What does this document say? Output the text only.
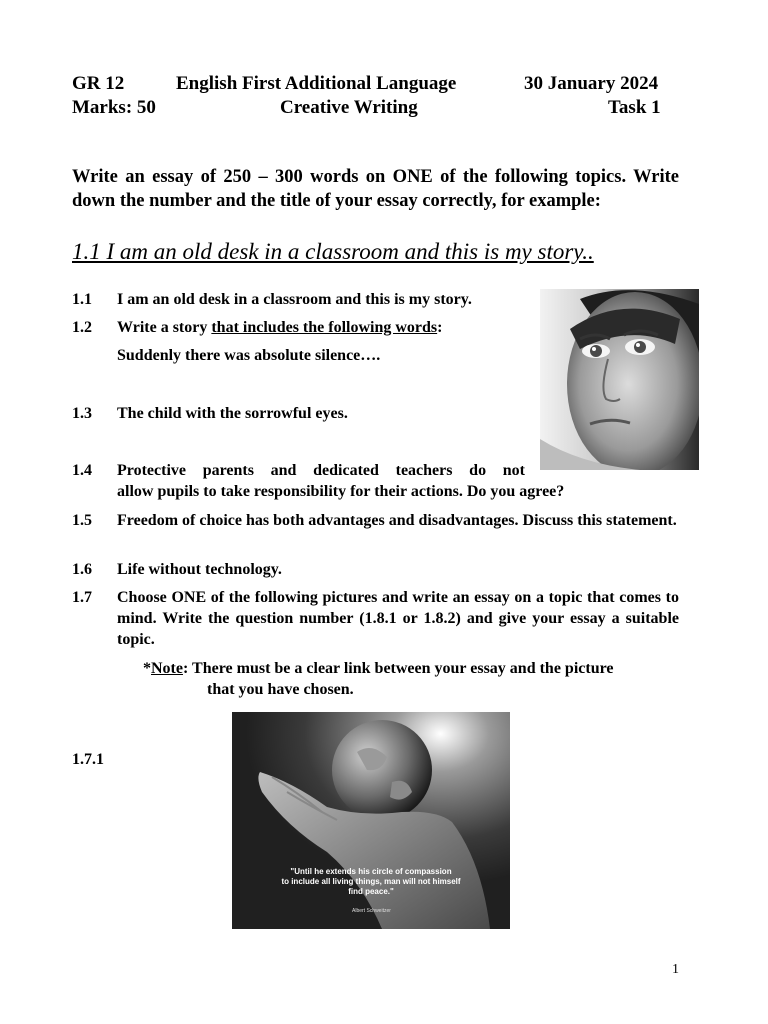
GR 12	English First Additional Language	30 January 2024
Marks: 50	Creative Writing	Task 1
Write an essay of 250 – 300 words on ONE of the following topics. Write down the number and the title of your essay correctly, for example:
1.1 I am an old desk in a classroom and this is my story..
1.1	I am an old desk in a classroom and this is my story.
1.2	Write a story that includes the following words:
Suddenly there was absolute silence….
1.3	The child with the sorrowful eyes.
1.4	Protective parents and dedicated teachers do not
allow pupils to take responsibility for their actions. Do you agree?
1.5	Freedom of choice has both advantages and disadvantages. Discuss this statement.
1.6	Life without technology.
1.7	Choose ONE of the following pictures and write an essay on a topic that comes to mind. Write the question number (1.8.1 or 1.8.2) and give your essay a suitable topic.
*Note: There must be a clear link between your essay and the picture
that you have chosen.
1.7.1
"Until he extends his circle of compassion
to include all living things, man will not himself
find peace."
Albert Schweitzer
1
